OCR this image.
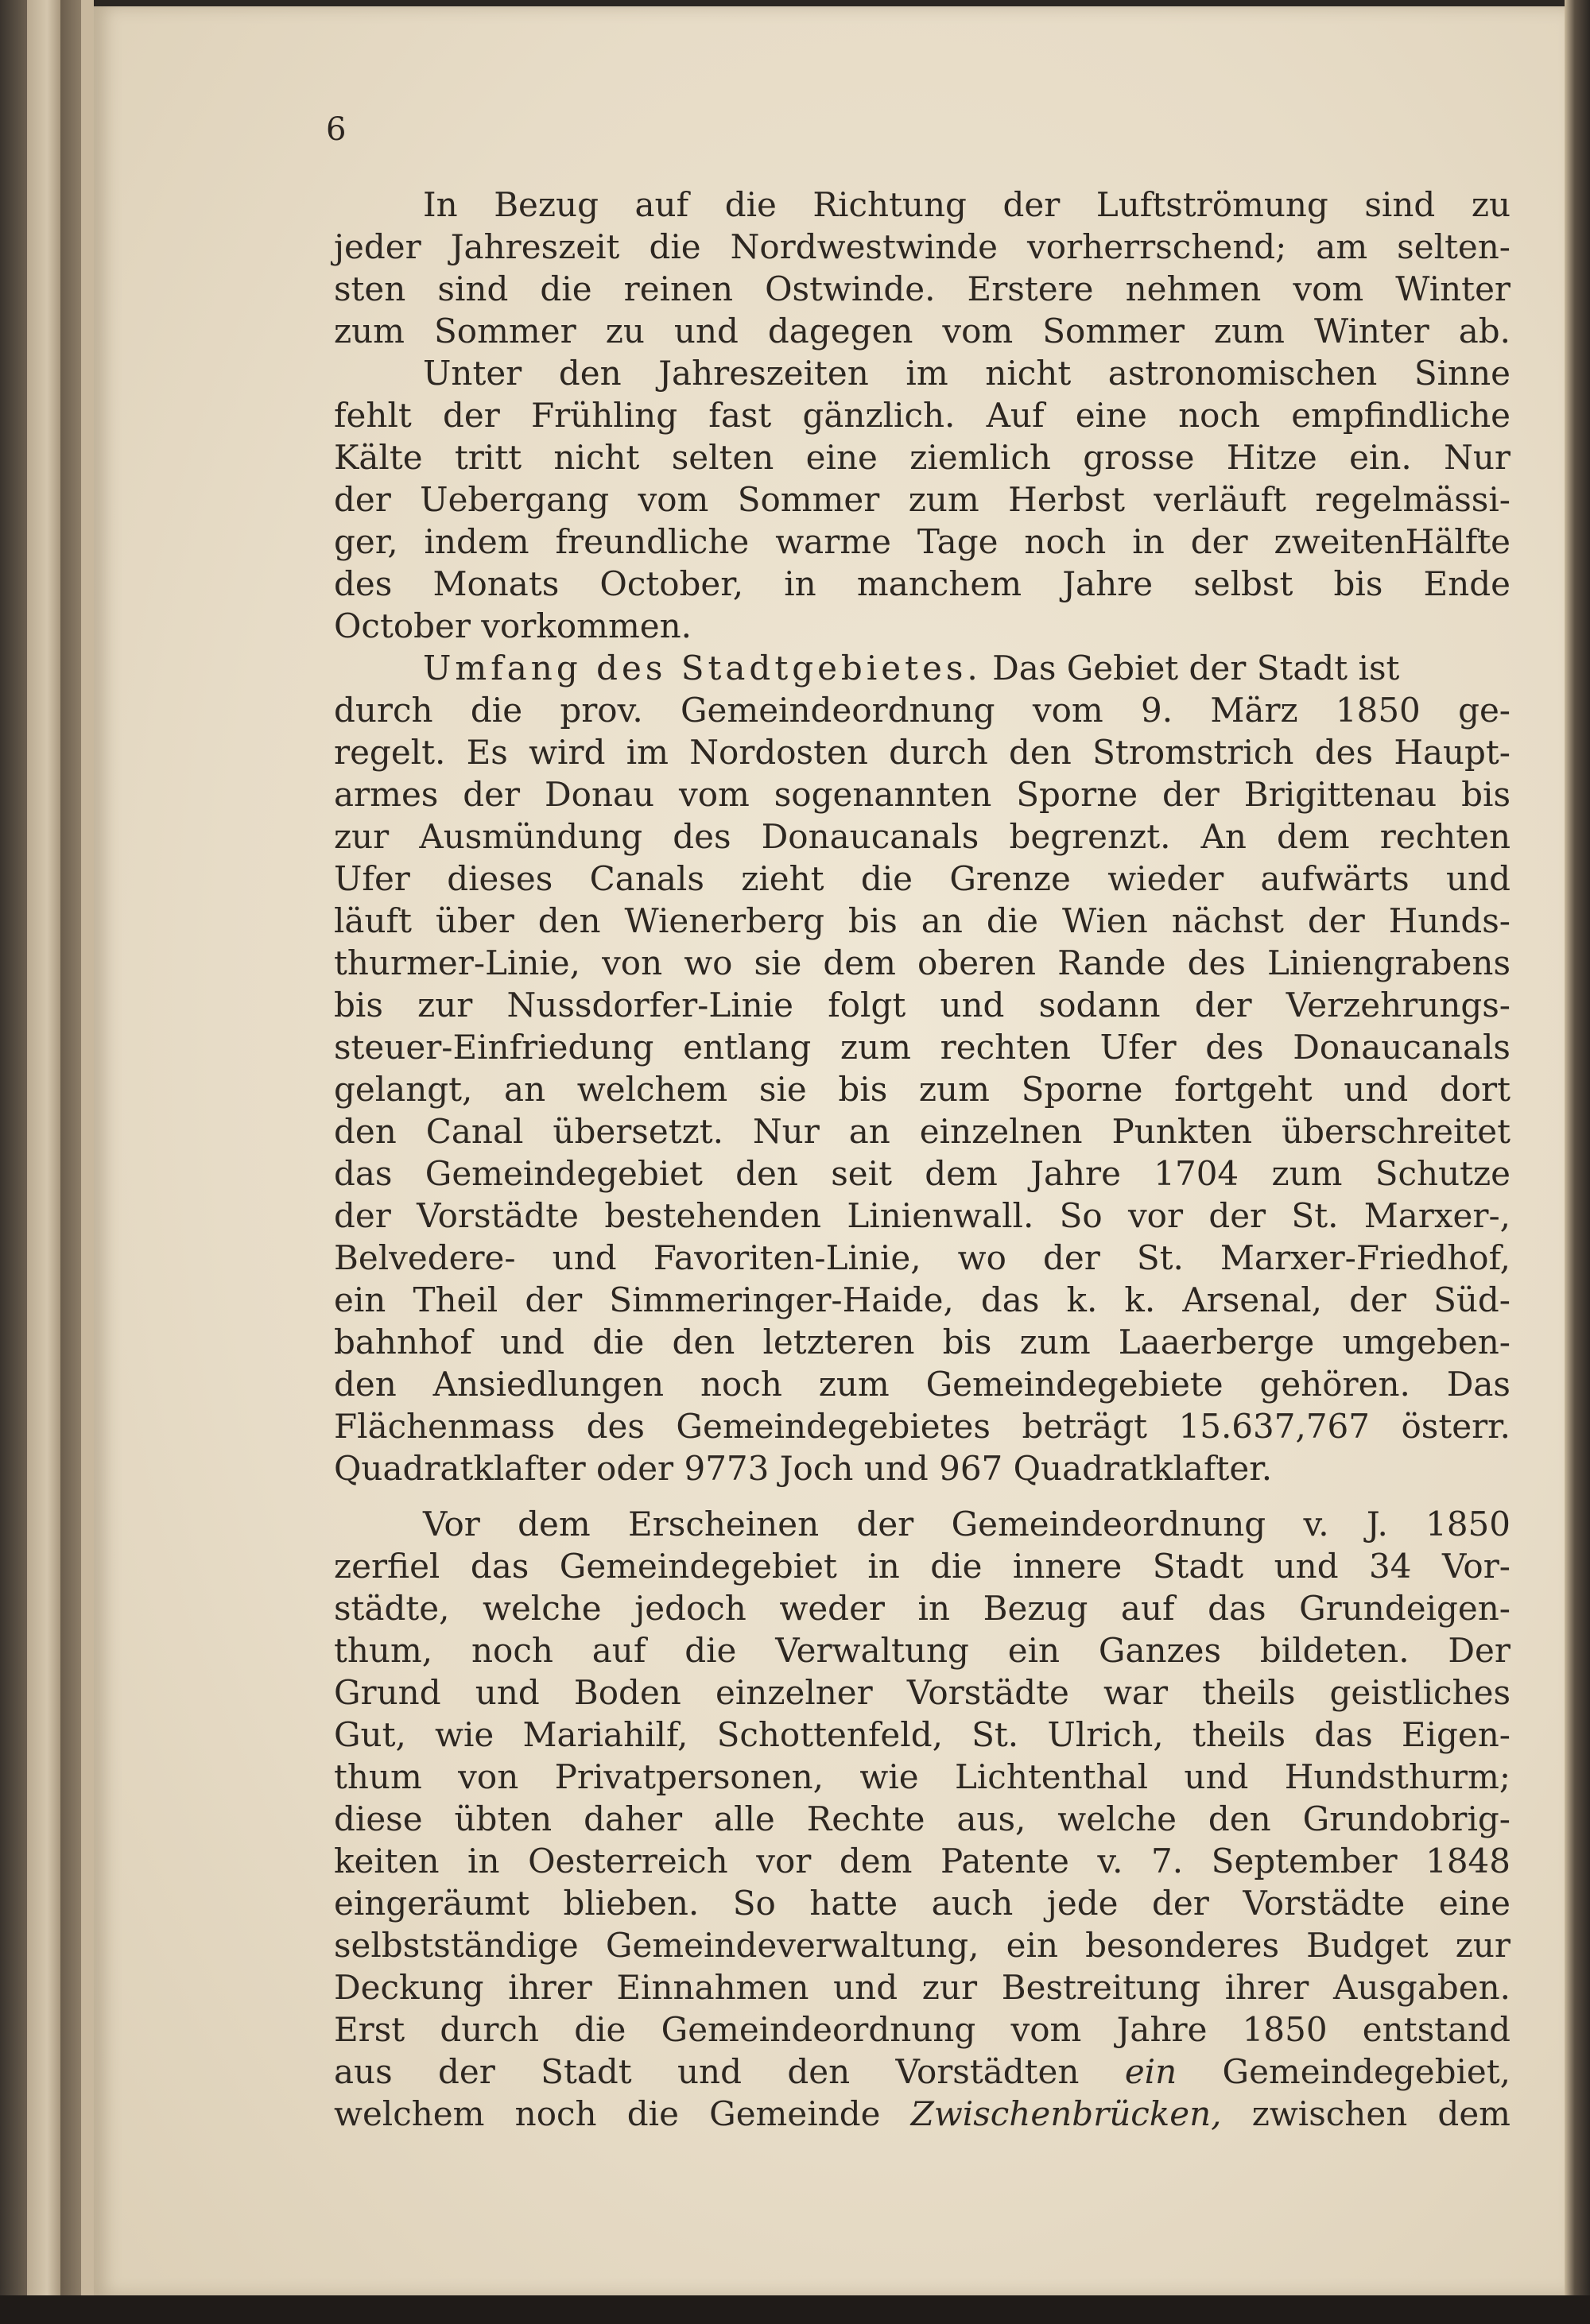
6
In Bezug auf die Richtung der Luftströmung sind zu
jeder Jahreszeit die Nordwestwinde vorherrschend; am selten-
sten sind die reinen Ostwinde. Erstere nehmen vom Winter
zum Sommer zu und dagegen vom Sommer zum Winter ab.
Unter den Jahreszeiten im nicht astronomischen Sinne
fehlt der Frühling fast gänzlich. Auf eine noch empfindliche
Kälte tritt nicht selten eine ziemlich grosse Hitze ein. Nur
der Uebergang vom Sommer zum Herbst verläuft regelmässi-
ger, indem freundliche warme Tage noch in der zweitenHälfte
des Monats October, in manchem Jahre selbst bis Ende
October vorkommen.
Umfang des Stadtgebietes. Das Gebiet der Stadt ist
durch die prov. Gemeindeordnung vom 9. März 1850 ge-
regelt. Es wird im Nordosten durch den Stromstrich des Haupt-
armes der Donau vom sogenannten Sporne der Brigittenau bis
zur Ausmündung des Donaucanals begrenzt. An dem rechten
Ufer dieses Canals zieht die Grenze wieder aufwärts und
läuft über den Wienerberg bis an die Wien nächst der Hunds-
thurmer-Linie, von wo sie dem oberen Rande des Liniengrabens
bis zur Nussdorfer-Linie folgt und sodann der Verzehrungs-
steuer-Einfriedung entlang zum rechten Ufer des Donaucanals
gelangt, an welchem sie bis zum Sporne fortgeht und dort
den Canal übersetzt. Nur an einzelnen Punkten überschreitet
das Gemeindegebiet den seit dem Jahre 1704 zum Schutze
der Vorstädte bestehenden Linienwall. So vor der St. Marxer-,
Belvedere- und Favoriten-Linie, wo der St. Marxer-Friedhof,
ein Theil der Simmeringer-Haide, das k. k. Arsenal, der Süd-
bahnhof und die den letzteren bis zum Laaerberge umgeben-
den Ansiedlungen noch zum Gemeindegebiete gehören. Das
Flächenmass des Gemeindegebietes beträgt 15.637,767 österr.
Quadratklafter oder 9773 Joch und 967 Quadratklafter.
Vor dem Erscheinen der Gemeindeordnung v. J. 1850
zerfiel das Gemeindegebiet in die innere Stadt und 34 Vor-
städte, welche jedoch weder in Bezug auf das Grundeigen-
thum, noch auf die Verwaltung ein Ganzes bildeten. Der
Grund und Boden einzelner Vorstädte war theils geistliches
Gut, wie Mariahilf, Schottenfeld, St. Ulrich, theils das Eigen-
thum von Privatpersonen, wie Lichtenthal und Hundsthurm;
diese übten daher alle Rechte aus, welche den Grundobrig-
keiten in Oesterreich vor dem Patente v. 7. September 1848
eingeräumt blieben. So hatte auch jede der Vorstädte eine
selbstständige Gemeindeverwaltung, ein besonderes Budget zur
Deckung ihrer Einnahmen und zur Bestreitung ihrer Ausgaben.
Erst durch die Gemeindeordnung vom Jahre 1850 entstand
aus der Stadt und den Vorstädten ein Gemeindegebiet,
welchem noch die Gemeinde Zwischenbrücken, zwischen dem
